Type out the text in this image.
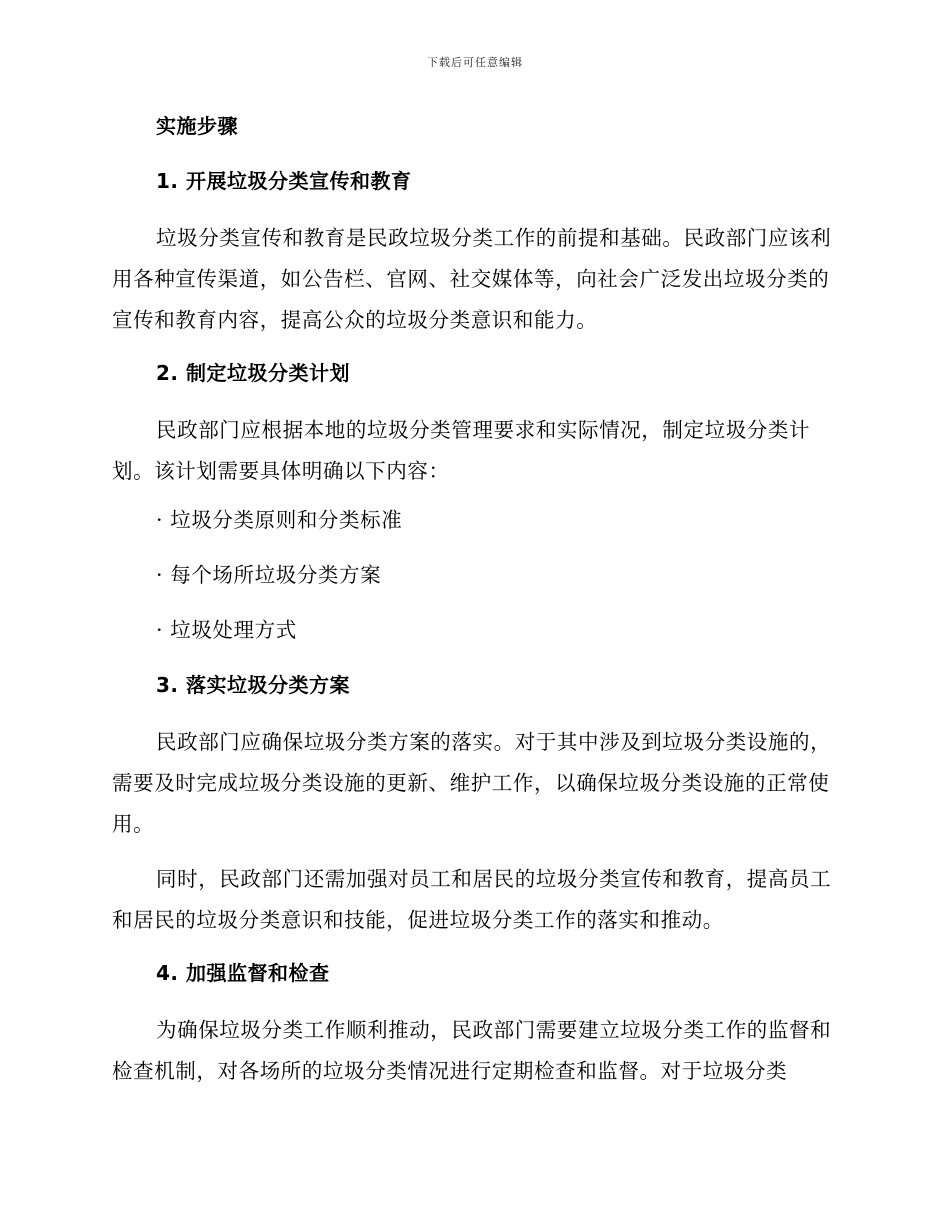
下载后可任意编辑
实施步骤
1. 开展垃圾分类宣传和教育

垃圾分类宣传和教育是民政垃圾分类工作的前提和基础。民政部门应该利用各种宣传渠道，如公告栏、官网、社交媒体等，向社会广泛发出垃圾分类的宣传和教育内容，提高公众的垃圾分类意识和能力。

2. 制定垃圾分类计划

民政部门应根据本地的垃圾分类管理要求和实际情况，制定垃圾分类计划。该计划需要具体明确以下内容：

· 垃圾分类原则和分类标准
· 每个场所垃圾分类方案
· 垃圾处理方式
3. 落实垃圾分类方案

民政部门应确保垃圾分类方案的落实。对于其中涉及到垃圾分类设施的，需要及时完成垃圾分类设施的更新、维护工作，以确保垃圾分类设施的正常使用。

同时，民政部门还需加强对员工和居民的垃圾分类宣传和教育，提高员工和居民的垃圾分类意识和技能，促进垃圾分类工作的落实和推动。

4. 加强监督和检查

为确保垃圾分类工作顺利推动，民政部门需要建立垃圾分类工作的监督和检查机制，对各场所的垃圾分类情况进行定期检查和监督。对于垃圾分类
